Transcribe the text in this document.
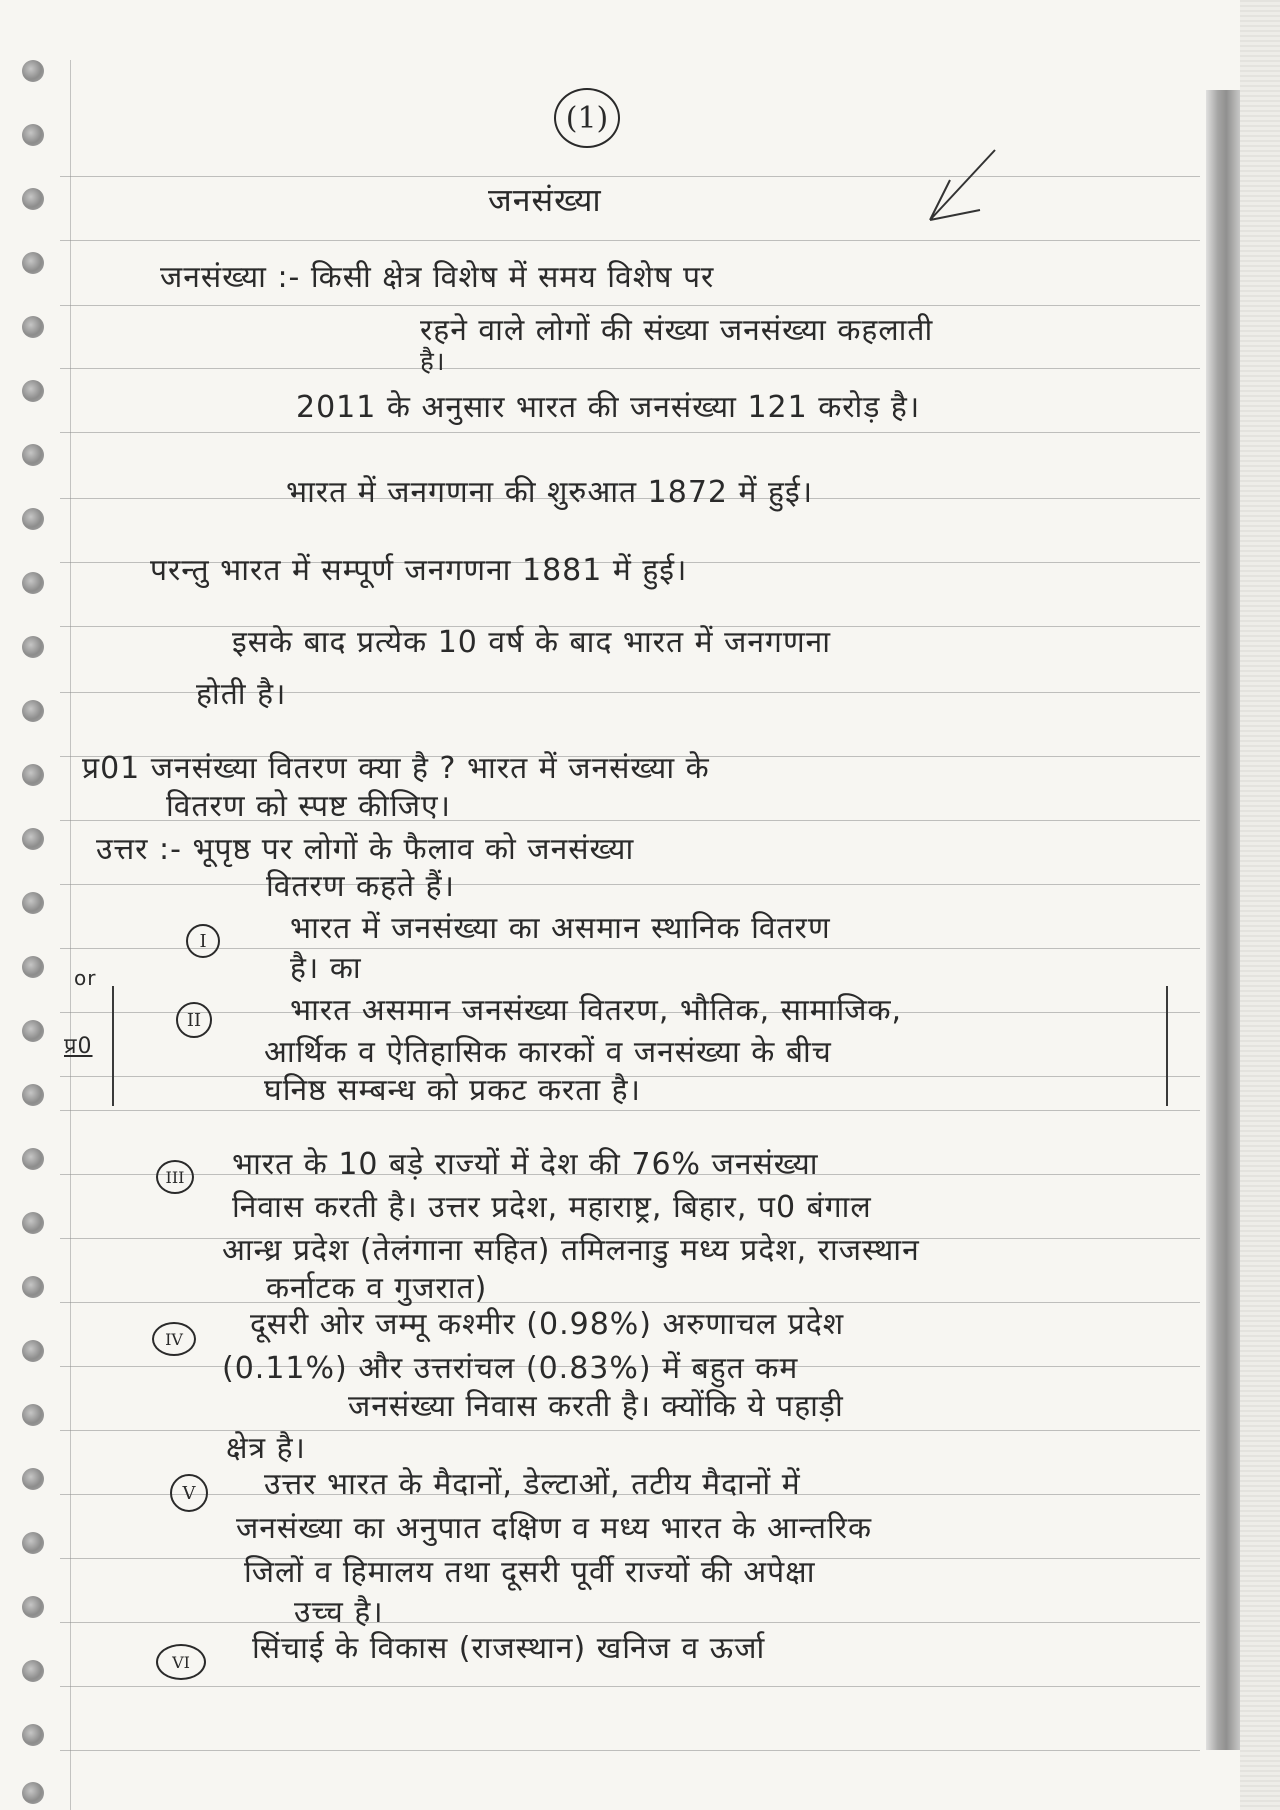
(1)
जनसंख्या
जनसंख्या :- किसी क्षेत्र विशेष में समय विशेष पर
रहने वाले लोगों की संख्या जनसंख्या कहलाती
है।
2011 के अनुसार भारत की जनसंख्या 121 करोड़ है।
भारत में जनगणना की शुरुआत 1872 में हुई।
परन्तु भारत में सम्पूर्ण जनगणना 1881 में हुई।
इसके बाद प्रत्येक 10 वर्ष के बाद भारत में जनगणना
होती है।
प्र01 जनसंख्या वितरण क्या है ? भारत में जनसंख्या के
वितरण को स्पष्ट कीजिए।
उत्तर :- भूपृष्ठ पर लोगों के फैलाव को जनसंख्या
वितरण कहते हैं।
I	भारत में जनसंख्या का असमान स्थानिक वितरण
है। का
or
प्र0
II	भारत असमान जनसंख्या वितरण, भौतिक, सामाजिक,
आर्थिक व ऐतिहासिक कारकों व जनसंख्या के बीच
घनिष्ठ सम्बन्ध को प्रकट करता है।
III	भारत के 10 बड़े राज्यों में देश की 76% जनसंख्या
निवास करती है। उत्तर प्रदेश, महाराष्ट्र, बिहार, प0 बंगाल
आन्ध्र प्रदेश (तेलंगाना सहित) तमिलनाडु मध्य प्रदेश, राजस्थान
कर्नाटक व गुजरात)
IV	दूसरी ओर जम्मू कश्मीर (0.98%) अरुणाचल प्रदेश
(0.11%) और उत्तरांचल (0.83%) में बहुत कम
जनसंख्या निवास करती है। क्योंकि ये पहाड़ी
क्षेत्र है।
V	उत्तर भारत के मैदानों, डेल्टाओं, तटीय मैदानों में
जनसंख्या का अनुपात दक्षिण व मध्य भारत के आन्तरिक
जिलों व हिमालय तथा दूसरी पूर्वी राज्यों की अपेक्षा
उच्च है।
VI	सिंचाई के विकास (राजस्थान) खनिज व ऊर्जा
